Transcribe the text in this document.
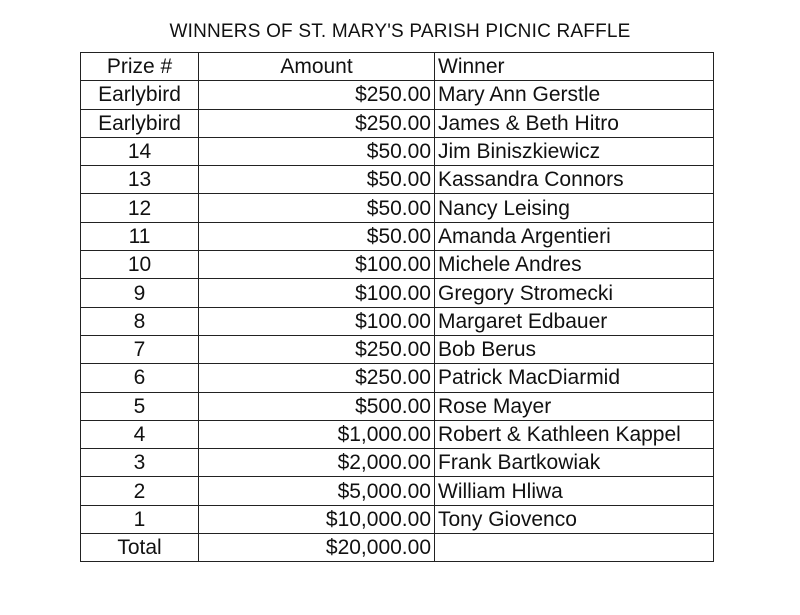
WINNERS OF ST. MARY'S PARISH PICNIC RAFFLE
Prize #	Amount	Winner
Earlybird	$250.00	Mary Ann Gerstle
Earlybird	$250.00	James & Beth Hitro
14	$50.00	Jim Biniszkiewicz
13	$50.00	Kassandra Connors
12	$50.00	Nancy Leising
11	$50.00	Amanda Argentieri
10	$100.00	Michele Andres
9	$100.00	Gregory Stromecki
8	$100.00	Margaret Edbauer
7	$250.00	Bob Berus
6	$250.00	Patrick MacDiarmid
5	$500.00	Rose Mayer
4	$1,000.00	Robert & Kathleen Kappel
3	$2,000.00	Frank Bartkowiak
2	$5,000.00	William Hliwa
1	$10,000.00	Tony Giovenco
Total	$20,000.00	
